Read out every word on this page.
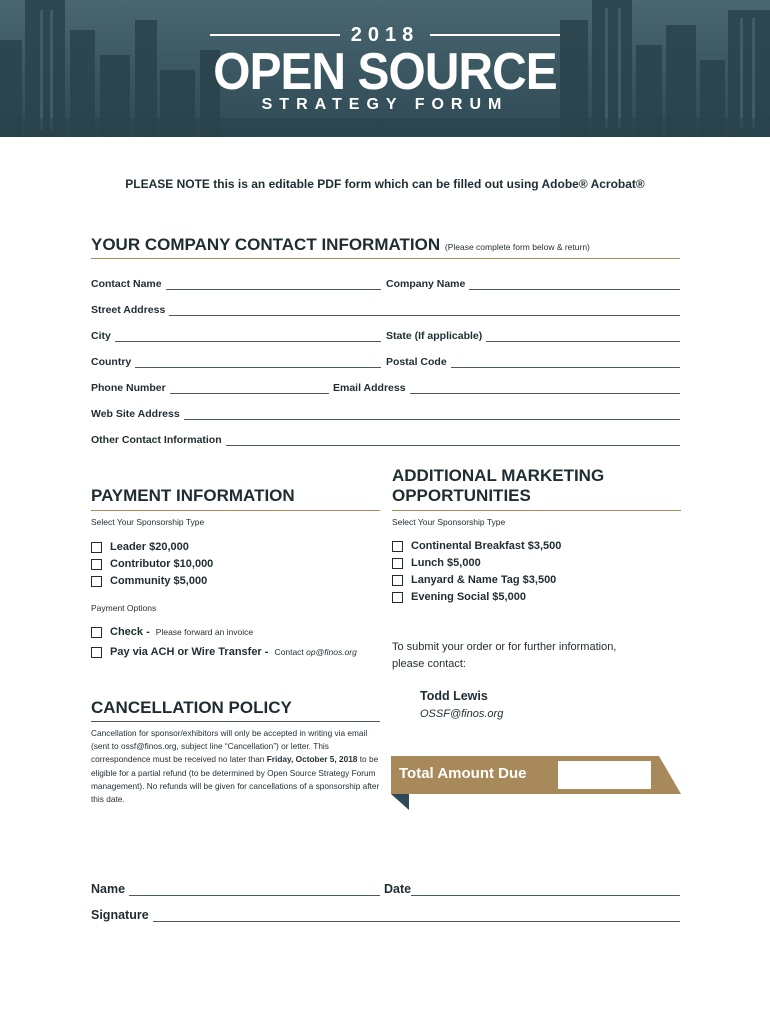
2018
OPEN SOURCE
STRATEGY FORUM
PLEASE NOTE this is an editable PDF form which can be filled out using Adobe® Acrobat®
YOUR COMPANY CONTACT INFORMATION (Please complete form below & return)
Contact Name	Company Name
Street Address
City	State (If applicable)
Country	Postal Code
Phone Number	Email Address
Web Site Address
Other Contact Information
PAYMENT INFORMATION
Select Your Sponsorship Type
Leader $20,000
Contributor $10,000
Community $5,000
Payment Options
Check - Please forward an invoice
Pay via ACH or Wire Transfer - Contact op@finos.org
ADDITIONAL MARKETING
OPPORTUNITIES
Select Your Sponsorship Type
Continental Breakfast $3,500
Lunch $5,000
Lanyard & Name Tag $3,500
Evening Social $5,000
To submit your order or for further information,
please contact:
Todd Lewis
OSSF@finos.org
CANCELLATION POLICY
Cancellation for sponsor/exhibitors will only be accepted in writing via email (sent to ossf@finos.org, subject line “Cancellation”) or letter. This correspondence must be received no later than Friday, October 5, 2018 to be eligible for a partial refund (to be determined by Open Source Strategy Forum management). No refunds will be given for cancellations of a sponsorship after this date.
Total Amount Due
Name	Date
Signature
